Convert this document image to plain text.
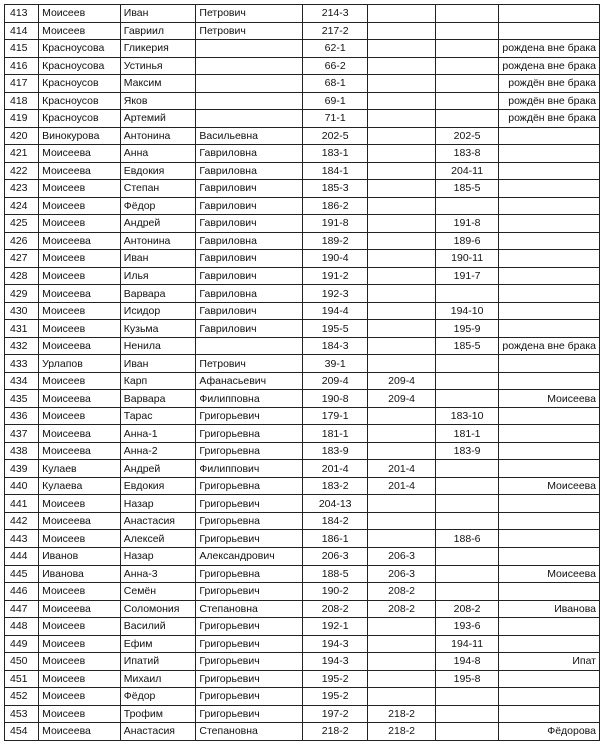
413	Моисеев	Иван	Петрович	214-3			
414	Моисеев	Гавриил	Петрович	217-2			
415	Красноусова	Гликерия		62-1			рождена вне брака
416	Красноусова	Устинья		66-2			рождена вне брака
417	Красноусов	Максим		68-1			рождён вне брака
418	Красноусов	Яков		69-1			рождён вне брака
419	Красноусов	Артемий		71-1			рождён вне брака
420	Винокурова	Антонина	Васильевна	202-5		202-5	
421	Моисеева	Анна	Гавриловна	183-1		183-8	
422	Моисеева	Евдокия	Гавриловна	184-1		204-11	
423	Моисеев	Степан	Гаврилович	185-3		185-5	
424	Моисеев	Фёдор	Гаврилович	186-2			
425	Моисеев	Андрей	Гаврилович	191-8		191-8	
426	Моисеева	Антонина	Гавриловна	189-2		189-6	
427	Моисеев	Иван	Гаврилович	190-4		190-11	
428	Моисеев	Илья	Гаврилович	191-2		191-7	
429	Моисеева	Варвара	Гавриловна	192-3			
430	Моисеев	Исидор	Гаврилович	194-4		194-10	
431	Моисеев	Кузьма	Гаврилович	195-5		195-9	
432	Моисеева	Ненила		184-3		185-5	рождена вне брака
433	Урлапов	Иван	Петрович	39-1			
434	Моисеев	Карп	Афанасьевич	209-4	209-4		
435	Моисеева	Варвара	Филипповна	190-8	209-4		Моисеева
436	Моисеев	Тарас	Григорьевич	179-1		183-10	
437	Моисеева	Анна-1	Григорьевна	181-1		181-1	
438	Моисеева	Анна-2	Григорьевна	183-9		183-9	
439	Кулаев	Андрей	Филиппович	201-4	201-4		
440	Кулаева	Евдокия	Григорьевна	183-2	201-4		Моисеева
441	Моисеев	Назар	Григорьевич	204-13			
442	Моисеева	Анастасия	Григорьевна	184-2			
443	Моисеев	Алексей	Григорьевич	186-1		188-6	
444	Иванов	Назар	Александрович	206-3	206-3		
445	Иванова	Анна-3	Григорьевна	188-5	206-3		Моисеева
446	Моисеев	Семён	Григорьевич	190-2	208-2		
447	Моисеева	Соломония	Степановна	208-2	208-2	208-2	Иванова
448	Моисеев	Василий	Григорьевич	192-1		193-6	
449	Моисеев	Ефим	Григорьевич	194-3		194-11	
450	Моисеев	Ипатий	Григорьевич	194-3		194-8	Ипат
451	Моисеев	Михаил	Григорьевич	195-2		195-8	
452	Моисеев	Фёдор	Григорьевич	195-2			
453	Моисеев	Трофим	Григорьевич	197-2	218-2		
454	Моисеева	Анастасия	Степановна	218-2	218-2		Фёдорова
